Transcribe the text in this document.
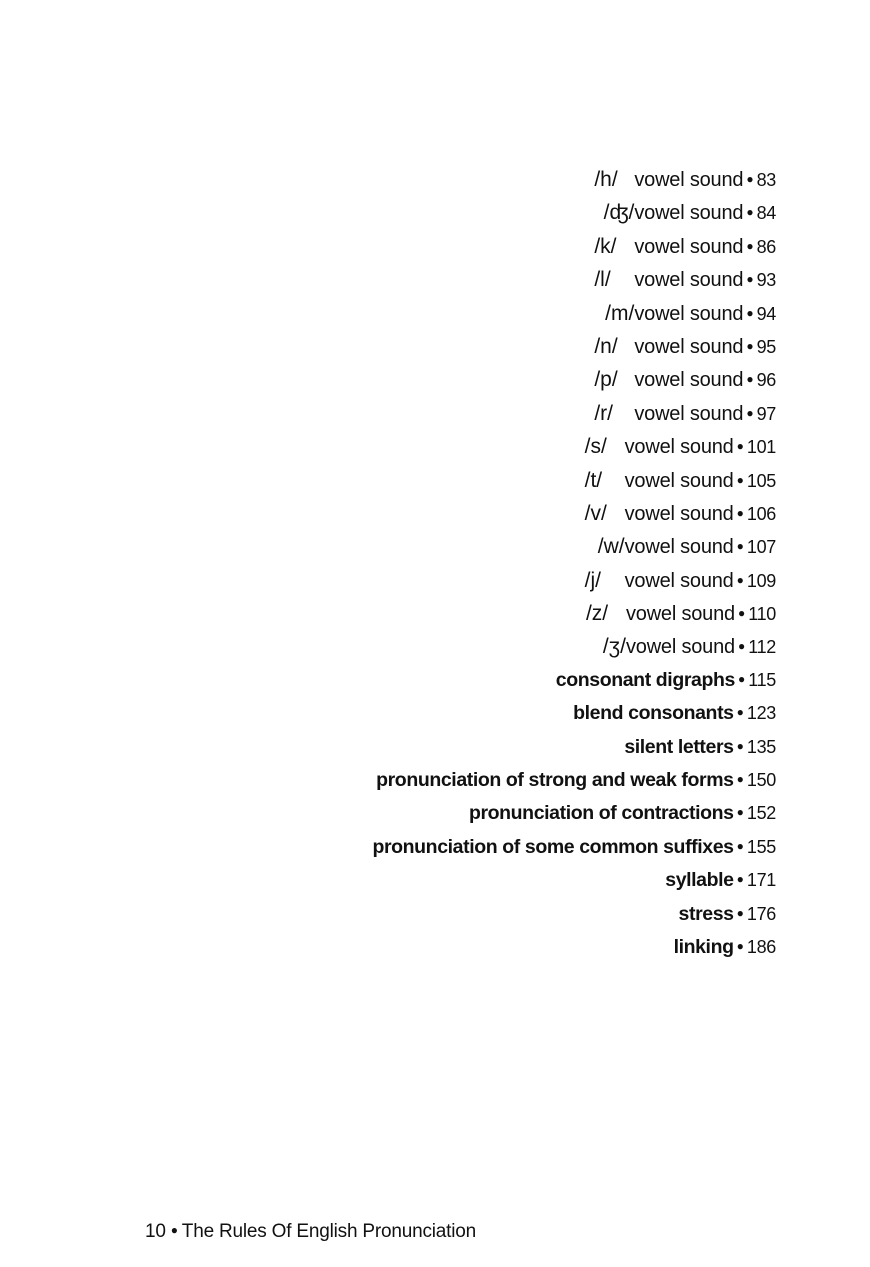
/h/ vowel sound ● 83
/ʤ/ vowel sound ● 84
/k/ vowel sound ● 86
/l/	vowel sound ● 93
/m/ vowel sound ● 94
/n/ vowel sound ● 95
/p/ vowel sound ● 96
/r/	vowel sound ● 97
/s/ vowel sound ● 101
/t/	vowel sound ● 105
/v/ vowel sound ● 106
/w/ vowel sound ● 107
/j/	vowel sound ● 109
/z/ vowel sound ● 110
/ʒ/ vowel sound ● 112
consonant digraphs ● 115
blend consonants ● 123
silent letters ● 135
pronunciation of strong and weak forms ● 150
pronunciation of contractions ● 152
pronunciation of some common suffixes ● 155
syllable ● 171
stress ● 176
linking ● 186
10 ● The Rules Of English Pronunciation
